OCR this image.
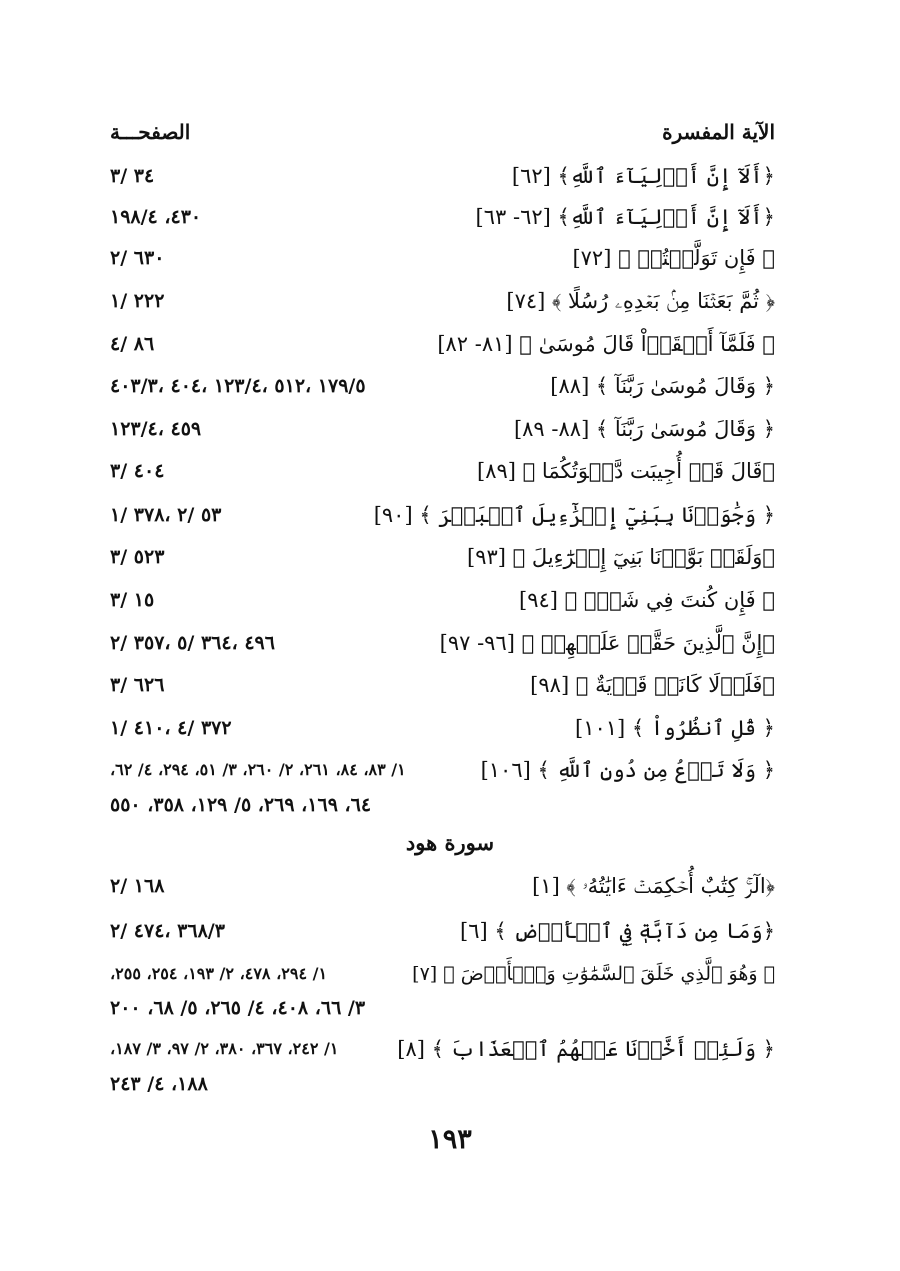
الآية المفسرة
الصفحـــة
﴿أَلَآ إِنَّ أَوۡلِيَآءَ ٱللَّهِ﴾ [٦٢]
٣٤ /٣
﴿أَلَآ إِنَّ أَوۡلِيَآءَ ٱللَّهِ﴾ [٦٢- ٦٣]
٤٣٠، ١٩٨/٤
﴿ فَإِن تَوَلَّيۡتُمۡ ﴾ [٧٢]
٦٣٠ /٢
﴿ ثُمَّ بَعَثۡنَا مِنۢ بَعۡدِهِۦ رُسُلًا ﴾ [٧٤]
٢٢٢ /١
﴿ فَلَمَّآ أَلۡقَوۡاْ قَالَ مُوسَىٰ ﴾ [٨١- ٨٢]
٨٦ /٤
﴿ وَقَالَ مُوسَىٰ رَبَّنَآ ﴾ [٨٨]
١٧٩/٥ ،٥١٢ ،١٢٣/٤ ،٤٠٤ ،٤٠٣/٣
﴿ وَقَالَ مُوسَىٰ رَبَّنَآ ﴾ [٨٨- ٨٩]
٤٥٩ ،١٢٣/٤
﴿قَالَ قَدۡ أُجِيبَت دَّعۡوَتُكُمَا ﴾ [٨٩]
٤٠٤ /٣
﴿ وَجَٰوَزۡنَا بِبَنِيٓ إِسۡرَٰٓءِيلَ ٱلۡبَحۡرَ ﴾ [٩٠]
٥٣ /٢ ،٣٧٨ /١
﴿وَلَقَدۡ بَوَّأۡنَا بَنِيٓ إِسۡرَٰٓءِيلَ ﴾ [٩٣]
٥٢٣ /٣
﴿ فَإِن كُنتَ فِي شَكّٖ ﴾ [٩٤]
١٥ /٣
﴿إِنَّ ٱلَّذِينَ حَقَّتۡ عَلَيۡهِمۡ ﴾ [٩٦- ٩٧]
٤٩٦ ،٣٦٤ /٥ ،٣٥٧ /٢
﴿فَلَوۡلَا كَانَتۡ قَرۡيَةٌ ﴾ [٩٨]
٦٢٦ /٣
﴿ قُلِ ٱنظُرُواْ ﴾ [١٠١]
٣٧٢ /٤ ،٤١٠ /١
﴿ وَلَا تَدۡعُ مِن دُونِ ٱللَّهِ ﴾ [١٠٦]
١/ ٨٣، ٨٤، ٢٦١، ٢/ ٢٦٠، ٣/ ٥١، ٢٩٤، ٤/ ٦٢،
٦٤، ١٦٩، ٢٦٩، ٥/ ١٢٩، ٣٥٨، ٥٥٠
سورة هود
﴿الٓرۚ كِتَٰبٌ أُحۡكِمَتۡ ءَايَٰتُهُۥ ﴾ [١]
١٦٨ /٢
﴿وَمَا مِن دَآبَّةٖ فِي ٱلۡأَرۡضِ ﴾ [٦]
٣٦٨/٣ ،٤٧٤ /٢
﴿ وَهُوَ ٱلَّذِي خَلَقَ ٱلسَّمَٰوَٰتِ وَٱلۡأَرۡضَ ﴾ [٧]
١/ ٢٩٤، ٤٧٨، ٢/ ١٩٣، ٢٥٤، ٢٥٥،
٣/ ٦٦، ٤٠٨، ٤/ ٢٦٥، ٥/ ٦٨، ٢٠٠
﴿ وَلَئِنۡ أَخَّرۡنَا عَنۡهُمُ ٱلۡعَذَابَ ﴾ [٨]
١/ ٢٤٢، ٣٦٧، ٣٨٠، ٢/ ٩٧، ٣/ ١٨٧،
١٨٨، ٤/ ٢٤٣
١٩٣
